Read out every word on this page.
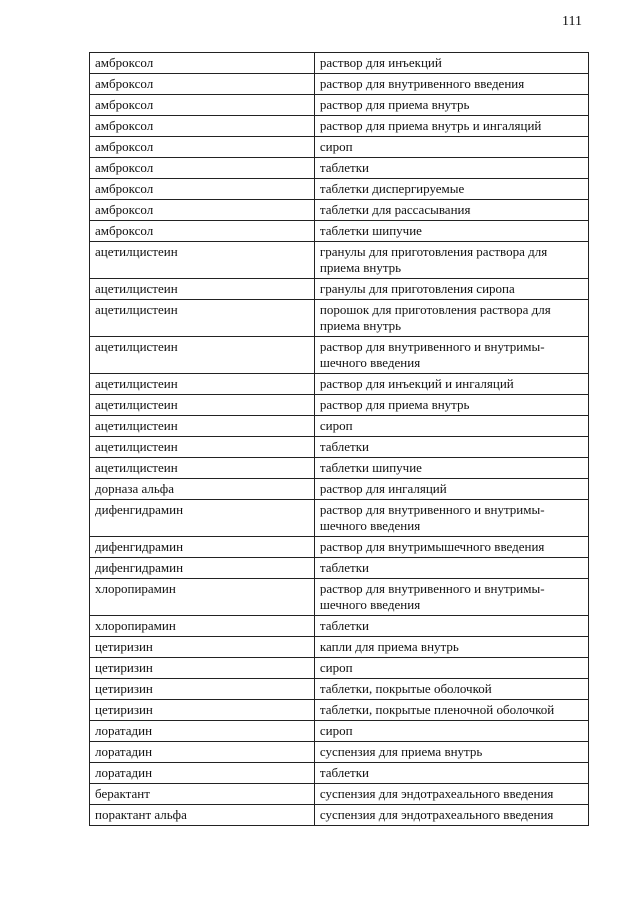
111
амброксол	раствор для инъекций
амброксол	раствор для внутривенного введения
амброксол	раствор для приема внутрь
амброксол	раствор для приема внутрь и ингаляций
амброксол	сироп
амброксол	таблетки
амброксол	таблетки диспергируемые
амброксол	таблетки для рассасывания
амброксол	таблетки шипучие
ацетилцистеин	гранулы для приготовления раствора для приема внутрь
ацетилцистеин	гранулы для приготовления сиропа
ацетилцистеин	порошок для приготовления раствора для приема внутрь
ацетилцистеин	раствор для внутривенного и внутримы-шечного введения
ацетилцистеин	раствор для инъекций и ингаляций
ацетилцистеин	раствор для приема внутрь
ацетилцистеин	сироп
ацетилцистеин	таблетки
ацетилцистеин	таблетки шипучие
дорназа альфа	раствор для ингаляций
дифенгидрамин	раствор для внутривенного и внутримы-шечного введения
дифенгидрамин	раствор для внутримышечного введения
дифенгидрамин	таблетки
хлоропирамин	раствор для внутривенного и внутримы-шечного введения
хлоропирамин	таблетки
цетиризин	капли для приема внутрь
цетиризин	сироп
цетиризин	таблетки, покрытые оболочкой
цетиризин	таблетки, покрытые пленочной оболочкой
лоратадин	сироп
лоратадин	суспензия для приема внутрь
лоратадин	таблетки
берактант	суспензия для эндотрахеального введения
порактант альфа	суспензия для эндотрахеального введения
